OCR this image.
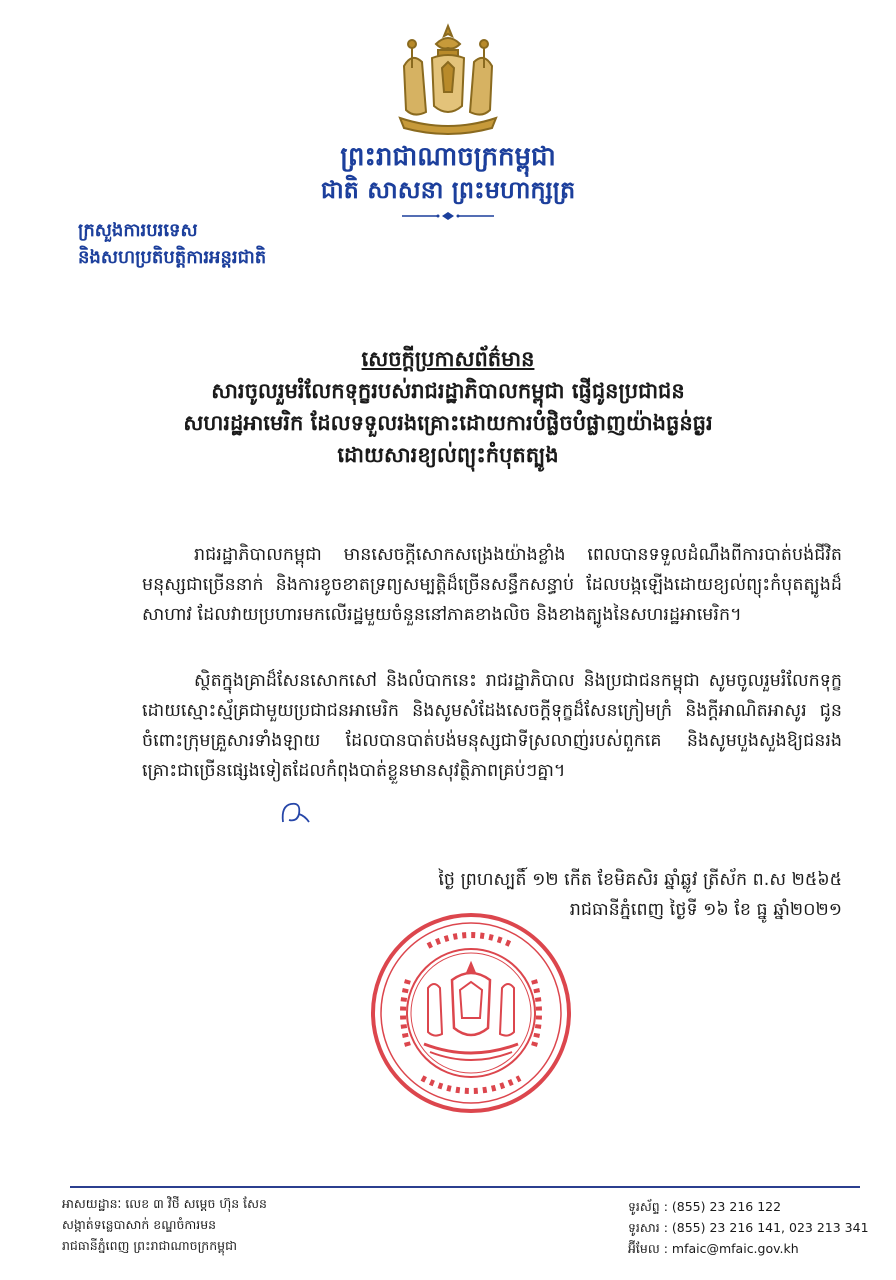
ព្រះរាជាណាចក្រកម្ពុជា
ជាតិ សាសនា ព្រះមហាក្សត្រ
ក្រសួងការបរទេស
និងសហប្រតិបត្តិការអន្តរជាតិ
សេចក្តីប្រកាសព័ត៌មាន
សារចូលរួមរំលែកទុក្ខរបស់រាជរដ្ឋាភិបាលកម្ពុជា ផ្ញើជូនប្រជាជន
សហរដ្ឋអាមេរិក ដែលទទួលរងគ្រោះដោយការបំផ្លិចបំផ្លាញយ៉ាងធ្ងន់ធ្ងរ
ដោយសារខ្យល់ព្យុះកំបុតត្បូង
រាជរដ្ឋាភិបាលកម្ពុជា មានសេចក្តីសោកសង្រេងយ៉ាងខ្លាំង ពេលបានទទួលដំណឹងពីការបាត់បង់ជីវិតមនុស្សជាច្រើននាក់ និងការខូចខាតទ្រព្យសម្បត្តិដ៏ច្រើនសន្ធឹកសន្ធាប់ ដែលបង្កឡើងដោយខ្យល់ព្យុះកំបុតត្បូងដ៏សាហាវ ដែលវាយប្រហារមកលើរដ្ឋមួយចំនួននៅភាគខាងលិច និងខាងត្បូងនៃសហរដ្ឋអាមេរិក។
ស្ថិតក្នុងគ្រាដ៏សែនសោកសៅ និងលំបាកនេះ រាជរដ្ឋាភិបាល និងប្រជាជនកម្ពុជា សូមចូលរួមរំលែកទុក្ខដោយស្មោះស្ម័គ្រជាមួយប្រជាជនអាមេរិក និងសូមសំដែងសេចក្តីទុក្ខដ៏សែនក្រៀមក្រំ និងក្តីអាណិតអាសូរ ជូនចំពោះក្រុមគ្រួសារទាំងឡាយ ដែលបានបាត់បង់មនុស្សជាទីស្រលាញ់របស់ពួកគេ និងសូមបួងសួងឱ្យជនរងគ្រោះជាច្រើនផ្សេងទៀតដែលកំពុងបាត់ខ្លួនមានសុវត្ថិភាពគ្រប់ៗគ្នា។
ថ្ងៃ ព្រហស្បតិ៍ ១២ កើត ខែមិគសិរ ឆ្នាំឆ្លូវ ត្រីស័ក ព.ស ២៥៦៥
រាជធានីភ្នំពេញ ថ្ងៃទី ១៦ ខែ ធ្នូ ឆ្នាំ២០២១
អាសយដ្ឋានៈ លេខ ៣ វិថី សម្តេច ហ៊ុន សែន
សង្កាត់ទន្លេបាសាក់ ខណ្ឌចំការមន
រាជធានីភ្នំពេញ ព្រះរាជាណាចក្រកម្ពុជា
ទូរស័ព្ទ : (855) 23 216 122
ទូរសារ : (855) 23 216 141, 023 213 341
អ៊ីមែល : mfaic@mfaic.gov.kh
